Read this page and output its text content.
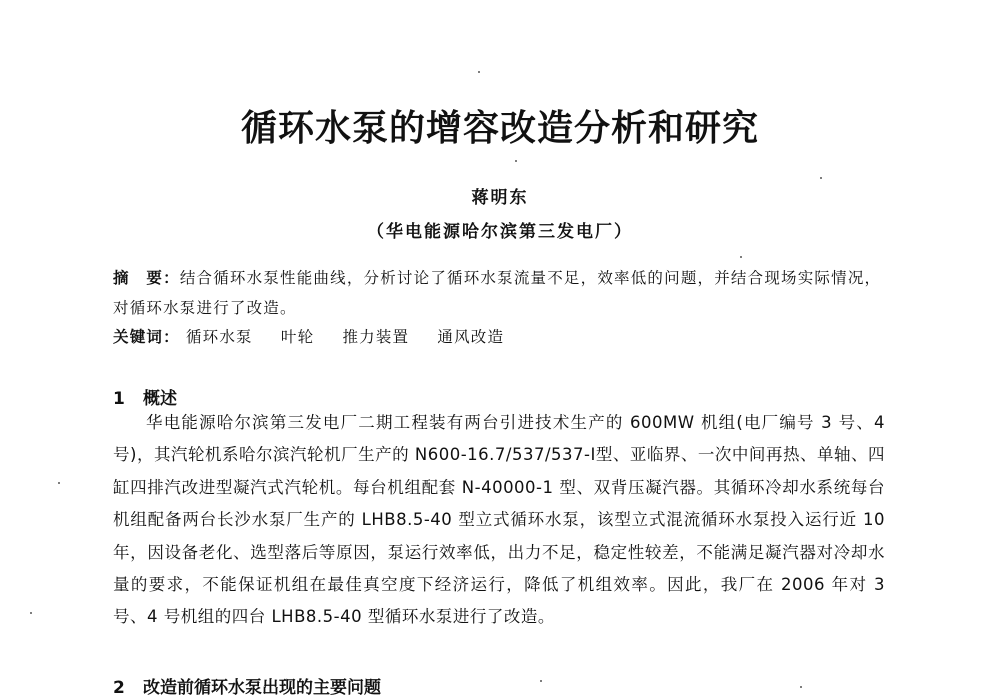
循环水泵的增容改造分析和研究
蒋明东
（华电能源哈尔滨第三发电厂）
摘　要：结合循环水泵性能曲线，分析讨论了循环水泵流量不足，效率低的问题，并结合现场实际情况，对循环水泵进行了改造。
关键词： 循环水泵 叶轮 推力装置 通风改造
1 概述
华电能源哈尔滨第三发电厂二期工程装有两台引进技术生产的 600MW 机组(电厂编号 3 号、4 号)，其汽轮机系哈尔滨汽轮机厂生产的 N600-16.7/537/537-Ⅰ型、亚临界、一次中间再热、单轴、四缸四排汽改进型凝汽式汽轮机。每台机组配套 N-40000-1 型、双背压凝汽器。其循环冷却水系统每台机组配备两台长沙水泵厂生产的 LHB8.5-40 型立式循环水泵，该型立式混流循环水泵投入运行近 10 年，因设备老化、选型落后等原因，泵运行效率低，出力不足，稳定性较差，不能满足凝汽器对冷却水量的要求，不能保证机组在最佳真空度下经济运行，降低了机组效率。因此，我厂在 2006 年对 3 号、4 号机组的四台 LHB8.5-40 型循环水泵进行了改造。
2 改造前循环水泵出现的主要问题
